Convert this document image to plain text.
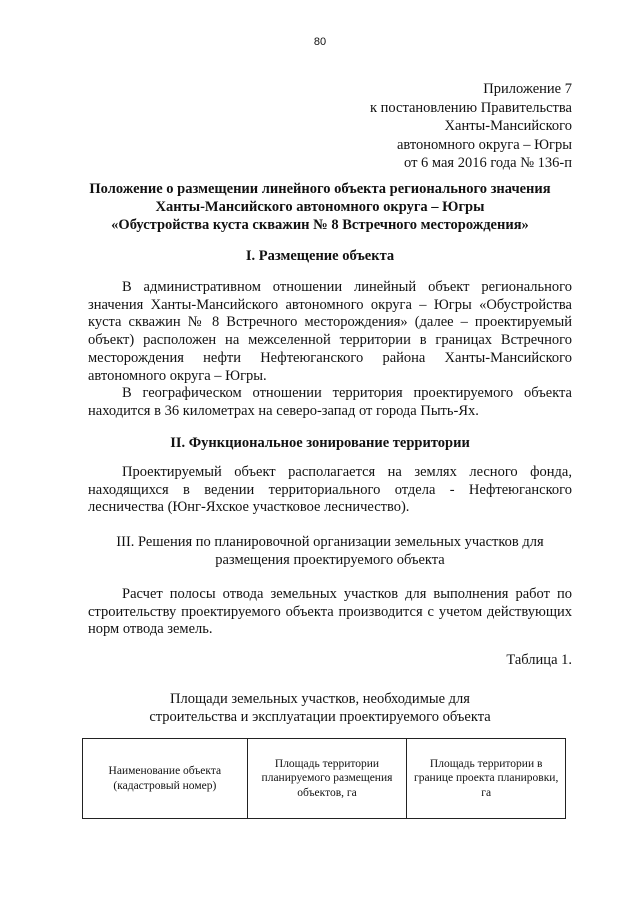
80
Приложение 7
к постановлению Правительства
Ханты-Мансийского
автономного округа – Югры
от 6 мая 2016 года № 136-п
Положение о размещении линейного объекта регионального значения
Ханты-Мансийского автономного округа – Югры
«Обустройства куста скважин № 8 Встречного месторождения»
I. Размещение объекта

В административном отношении линейный объект регионального значения Ханты-Мансийского автономного округа – Югры «Обустройства куста скважин № 8 Встречного месторождения» (далее – проектируемый объект) расположен на межселенной территории в границах Встречного месторождения нефти Нефтеюганского района Ханты-Мансийского автономного округа – Югры.

В географическом отношении территория проектируемого объекта находится в 36 километрах на северо-запад от города Пыть-Ях.

II. Функциональное зонирование территории

Проектируемый объект располагается на землях лесного фонда, находящихся в ведении территориального отдела - Нефтеюганского лесничества (Юнг-Яхское участковое лесничество).

III. Решения по планировочной организации земельных участков для
размещения проектируемого объекта

Расчет полосы отвода земельных участков для выполнения работ по строительству проектируемого объекта производится с учетом действующих норм отвода земель.

Таблица 1.
Площади земельных участков, необходимые для
строительства и эксплуатации проектируемого объекта
Наименование объекта (кадастровый номер)	Площадь территории планируемого размещения объектов, га	Площадь территории в границе проекта планировки, га
